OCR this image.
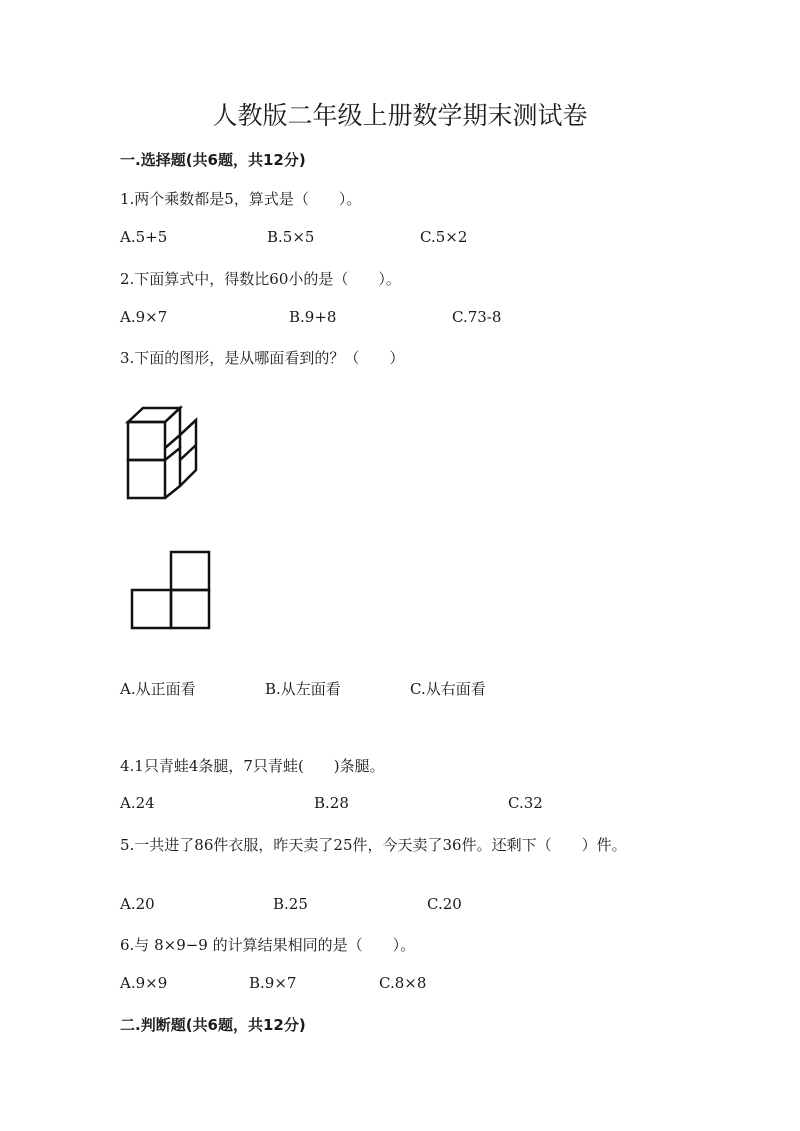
人教版二年级上册数学期末测试卷
一.选择题(共6题，共12分)
1.两个乘数都是5，算式是（　　）。
A.5+5	B.5×5	C.5×2
2.下面算式中，得数比60小的是（　　）。
A.9×7	B.9+8	C.73-8
3.下面的图形，是从哪面看到的？（　　）
A.从正面看	B.从左面看	C.从右面看
4.1只青蛙4条腿，7只青蛙(　　)条腿。
A.24	B.28	C.32
5.一共进了86件衣服，昨天卖了25件，今天卖了36件。还剩下（　　）件。
A.20	B.25	C.20
6.与 8×9−9 的计算结果相同的是（　　）。
A.9×9	B.9×7	C.8×8
二.判断题(共6题，共12分)
